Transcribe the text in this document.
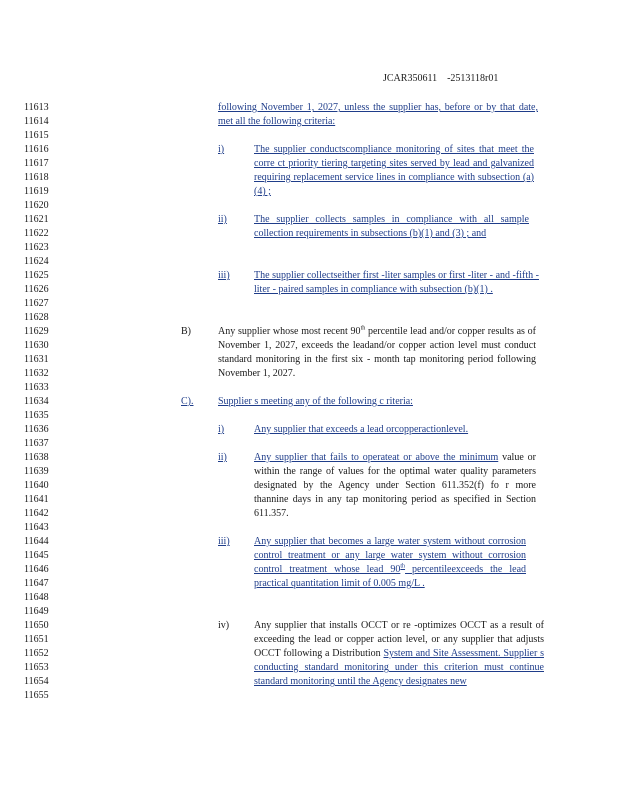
JCAR350611    -2513118r01
11613
11614
11615
11616
11617
11618
11619
11620
11621
11622
11623
11624
11625
11626
11627
11628
11629
11630
11631
11632
11633
11634
11635
11636
11637
11638
11639
11640
11641
11642
11643
11644
11645
11646
11647
11648
11649
11650
11651
11652
11653
11654
11655
following November 1, 2027, unless the supplier has, before or by that date, met all the following criteria:
i)	The supplier conductscompliance monitoring of sites that meet the corre ct priority tiering targeting sites served by lead and galvanized requiring replacement service lines in compliance with subsection (a)(4) ;
ii)	The supplier collects samples in compliance with all sample collection requirements in subsections (b)(1) and (3) ; and
iii) The supplier collectseither first -liter samples or first -liter - and -fifth -liter - paired samples in compliance with subsection (b)(1) .
B)	Any supplier whose most recent 90th percentile lead and/or copper results as of November 1, 2027, exceeds the leadand/or copper action level must conduct standard monitoring in the first six - month tap monitoring period following November 1, 2027.
C). Supplier s meeting any of the following c riteria:
i)	Any supplier that exceeds a lead orcopperactionlevel.
ii)	Any supplier that fails to operateat or above the minimum value or within the range of values for the optimal water quality parameters designated by the Agency under Section 611.352(f) fo r more thannine days in any tap monitoring period as specified in Section 611.357.
iii) Any supplier that becomes a large water system without corrosion control treatment or any large water system without corrosion control treatment whose lead 90th percentileexceeds the lead practical quantitation limit of 0.005 mg/L .
iv) Any supplier that installs OCCT or re -optimizes OCCT as a result of exceeding the lead or copper action level, or any supplier that adjusts OCCT following a Distribution System and Site Assessment. Supplier s conducting standard monitoring under this criterion must continue standard monitoring until the Agency designates new
